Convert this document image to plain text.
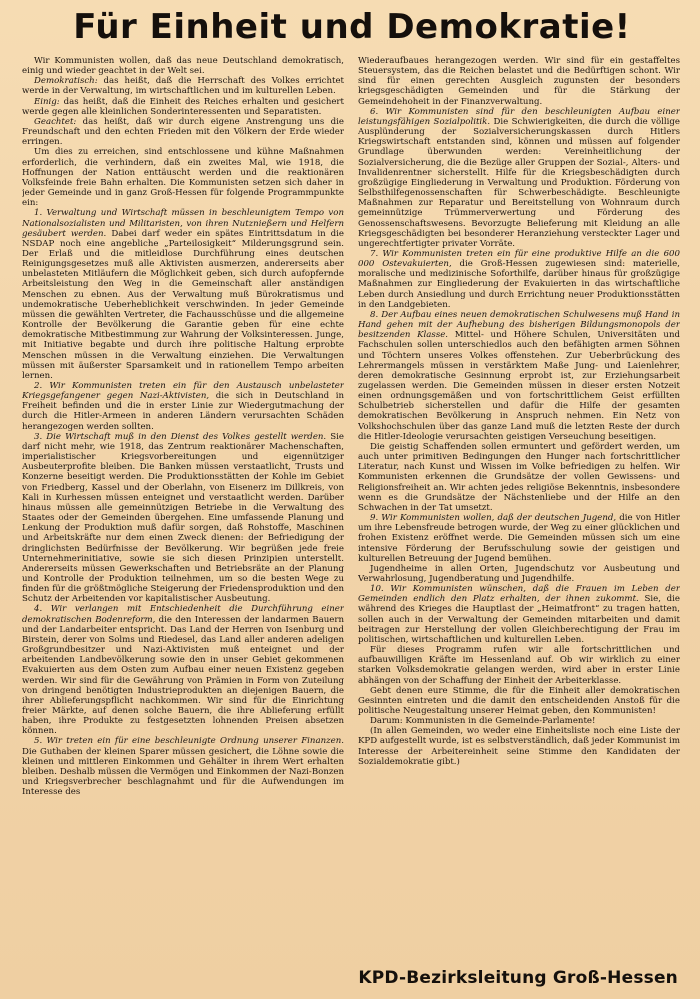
Für Einheit und Demokratie!

Wir Kommunisten wollen, daß das neue Deutschland demokratisch, einig und wieder geachtet in der Welt sei.

Demokratisch: das heißt, daß die Herrschaft des Volkes errichtet werde in der Verwaltung, im wirtschaftlichen und im kulturellen Leben.

Einig: das heißt, daß die Einheit des Reiches erhalten und gesichert werde gegen alle kleinlichen Sonderinteressenten und Separatisten.

Geachtet: das heißt, daß wir durch eigene Anstrengung uns die Freundschaft und den echten Frieden mit den Völkern der Erde wieder erringen.

Um dies zu erreichen, sind entschlossene und kühne Maßnahmen erforderlich, die verhindern, daß ein zweites Mal, wie 1918, die Hoffnungen der Nation enttäuscht werden und die reaktionären Volksfeinde freie Bahn erhalten. Die Kommunisten setzen sich daher in jeder Gemeinde und in ganz Groß-Hessen für folgende Programmpunkte ein:

1. Verwaltung und Wirtschaft müssen in beschleunigtem Tempo von Nationalsozialisten und Militaristen, von ihren Nutznießern und Helfern gesäubert werden. Dabei darf weder ein spätes Eintrittsdatum in die NSDAP noch eine angebliche „Parteilosigkeit“ Milderungsgrund sein. Der Erlaß und die mitleidlose Durchführung eines deutschen Reinigungsgesetzes muß alle Aktivisten ausmerzen, andererseits aber unbelasteten Mitläufern die Möglichkeit geben, sich durch aufopfernde Arbeitsleistung den Weg in die Gemeinschaft aller anständigen Menschen zu ebnen. Aus der Verwaltung muß Bürokratismus und undemokratische Ueberheblichkeit verschwinden. In jeder Gemeinde müssen die gewählten Vertreter, die Fachausschüsse und die allgemeine Kontrolle der Bevölkerung die Garantie geben für eine echte demokratische Mitbestimmung zur Wahrung der Volksinteressen. Junge, mit Initiative begabte und durch ihre politische Haltung erprobte Menschen müssen in die Verwaltung einziehen. Die Verwaltungen müssen mit äußerster Sparsamkeit und in rationellem Tempo arbeiten lernen.

2. Wir Kommunisten treten ein für den Austausch unbelasteter Kriegsgefangener gegen Nazi-Aktivisten, die sich in Deutschland in Freiheit befinden und die in erster Linie zur Wiedergutmachung der durch die Hitler-Armeen in anderen Ländern verursachten Schäden herangezogen werden sollten.

3. Die Wirtschaft muß in den Dienst des Volkes gestellt werden. Sie darf nicht mehr, wie 1918, das Zentrum reaktionärer Machenschaften, imperialistischer Kriegsvorbereitungen und eigennütziger Ausbeuterprofite bleiben. Die Banken müssen verstaatlicht, Trusts und Konzerne beseitigt werden. Die Produktionsstätten der Kohle im Gebiet von Friedberg, Kassel und der Oberlahn, von Eisenerz im Dillkreis, von Kali in Kurhessen müssen enteignet und verstaatlicht werden. Darüber hinaus müssen alle gemeinnützigen Betriebe in die Verwaltung des Staates oder der Gemeinden übergehen. Eine umfassende Planung und Lenkung der Produktion muß dafür sorgen, daß Rohstoffe, Maschinen und Arbeitskräfte nur dem einen Zweck dienen: der Befriedigung der dringlichsten Bedürfnisse der Bevölkerung. Wir begrüßen jede freie Unternehmerinitiative, sowie sie sich diesen Prinzipien unterstellt. Andererseits müssen Gewerkschaften und Betriebsräte an der Planung und Kontrolle der Produktion teilnehmen, um so die besten Wege zu finden für die größtmögliche Steigerung der Friedensproduktion und den Schutz der Arbeitenden vor kapitalistischer Ausbeutung.

4. Wir verlangen mit Entschiedenheit die Durchführung einer demokratischen Bodenreform, die den Interessen der landarmen Bauern und der Landarbeiter entspricht. Das Land der Herren von Isenburg und Birstein, derer von Solms und Riedesel, das Land aller anderen adeligen Großgrundbesitzer und Nazi-Aktivisten muß enteignet und der arbeitenden Landbevölkerung sowie den in unser Gebiet gekommenen Evakuierten aus dem Osten zum Aufbau einer neuen Existenz gegeben werden. Wir sind für die Gewährung von Prämien in Form von Zuteilung von dringend benötigten Industrieprodukten an diejenigen Bauern, die ihrer Ablieferungspflicht nachkommen. Wir sind für die Einrichtung freier Märkte, auf denen solche Bauern, die ihre Ablieferung erfüllt haben, ihre Produkte zu festgesetzten lohnenden Preisen absetzen können.

5. Wir treten ein für eine beschleunigte Ordnung unserer Finanzen. Die Guthaben der kleinen Sparer müssen gesichert, die Löhne sowie die kleinen und mittleren Einkommen und Gehälter in ihrem Wert erhalten bleiben. Deshalb müssen die Vermögen und Einkommen der Nazi-Bonzen und Kriegsverbrecher beschlagnahmt und für die Aufwendungen im Interesse des

Wiederaufbaues herangezogen werden. Wir sind für ein gestaffeltes Steuersystem, das die Reichen belastet und die Bedürftigen schont. Wir sind für einen gerechten Ausgleich zugunsten der besonders kriegsgeschädigten Gemeinden und für die Stärkung der Gemeindehoheit in der Finanzverwaltung.

6. Wir Kommunisten sind für den beschleunigten Aufbau einer leistungsfähigen Sozialpolitik. Die Schwierigkeiten, die durch die völlige Ausplünderung der Sozialversicherungskassen durch Hitlers Kriegswirtschaft entstanden sind, können und müssen auf folgender Grundlage überwunden werden: Vereinheitlichung der Sozialversicherung, die die Bezüge aller Gruppen der Sozial-, Alters- und Invalidenrentner sicherstellt. Hilfe für die Kriegsbeschädigten durch großzügige Eingliederung in Verwaltung und Produktion. Förderung von Selbsthilfegenossenschaften für Schwerbeschädigte. Beschleunigte Maßnahmen zur Reparatur und Bereitstellung von Wohnraum durch gemeinnützige Trümmerverwertung und Förderung des Genossenschaftswesens. Bevorzugte Belieferung mit Kleidung an alle Kriegsgeschädigten bei besonderer Heranziehung versteckter Lager und ungerechtfertigter privater Vorräte.

7. Wir Kommunisten treten ein für eine produktive Hilfe an die 600 000 Ostevakuierten, die Groß-Hessen zugewiesen sind: materielle, moralische und medizinische Soforthilfe, darüber hinaus für großzügige Maßnahmen zur Eingliederung der Evakuierten in das wirtschaftliche Leben durch Ansiedlung und durch Errichtung neuer Produktionsstätten in den Landgebieten.

8. Der Aufbau eines neuen demokratischen Schulwesens muß Hand in Hand gehen mit der Aufhebung des bisherigen Bildungsmonopols der besitzenden Klasse. Mittel- und Höhere Schulen, Universitäten und Fachschulen sollen unterschiedlos auch den befähigten armen Söhnen und Töchtern unseres Volkes offenstehen. Zur Ueberbrückung des Lehrermangels müssen in verstärktem Maße Jung- und Laienlehrer, deren demokratische Gesinnung erprobt ist, zur Erziehungsarbeit zugelassen werden. Die Gemeinden müssen in dieser ersten Notzeit einen ordnungsgemäßen und von fortschrittlichem Geist erfüllten Schulbetrieb sicherstellen und dafür die Hilfe der gesamten demokratischen Bevölkerung in Anspruch nehmen. Ein Netz von Volkshochschulen über das ganze Land muß die letzten Reste der durch die Hitler-Ideologie verursachten geistigen Verseuchung beseitigen.

Die geistig Schaffenden sollen ermuntert und gefördert werden, um auch unter primitiven Bedingungen den Hunger nach fortschrittlicher Literatur, nach Kunst und Wissen im Volke befriedigen zu helfen. Wir Kommunisten erkennen die Grundsätze der vollen Gewissens- und Religionsfreiheit an. Wir achten jedes religiöse Bekenntnis, insbesondere wenn es die Grundsätze der Nächstenliebe und der Hilfe an den Schwachen in der Tat umsetzt.

9. Wir Kommunisten wollen, daß der deutschen Jugend, die von Hitler um ihre Lebensfreude betrogen wurde, der Weg zu einer glücklichen und frohen Existenz eröffnet werde. Die Gemeinden müssen sich um eine intensive Förderung der Berufsschulung sowie der geistigen und kulturellen Betreuung der Jugend bemühen.

Jugendheime in allen Orten, Jugendschutz vor Ausbeutung und Verwahrlosung, Jugendberatung und Jugendhilfe.

10. Wir Kommunisten wünschen, daß die Frauen im Leben der Gemeinden endlich den Platz erhalten, der ihnen zukommt. Sie, die während des Krieges die Hauptlast der „Heimatfront“ zu tragen hatten, sollen auch in der Verwaltung der Gemeinden mitarbeiten und damit beitragen zur Herstellung der vollen Gleichberechtigung der Frau im politischen, wirtschaftlichen und kulturellen Leben.

Für dieses Programm rufen wir alle fortschrittlichen und aufbauwilligen Kräfte im Hessenland auf. Ob wir wirklich zu einer starken Volksdemokratie gelangen werden, wird aber in erster Linie abhängen von der Schaffung der Einheit der Arbeiterklasse.

Gebt denen eure Stimme, die für die Einheit aller demokratischen Gesinnten eintreten und die damit den entscheidenden Anstoß für die politische Neugestaltung unserer Heimat geben, den Kommunisten!

Darum: Kommunisten in die Gemeinde-Parlamente!

(In allen Gemeinden, wo weder eine Einheitsliste noch eine Liste der KPD aufgestellt wurde, ist es selbstverständlich, daß jeder Kommunist im Interesse der Arbeitereinheit seine Stimme den Kandidaten der Sozialdemokratie gibt.)

KPD-Bezirksleitung Groß-Hessen
